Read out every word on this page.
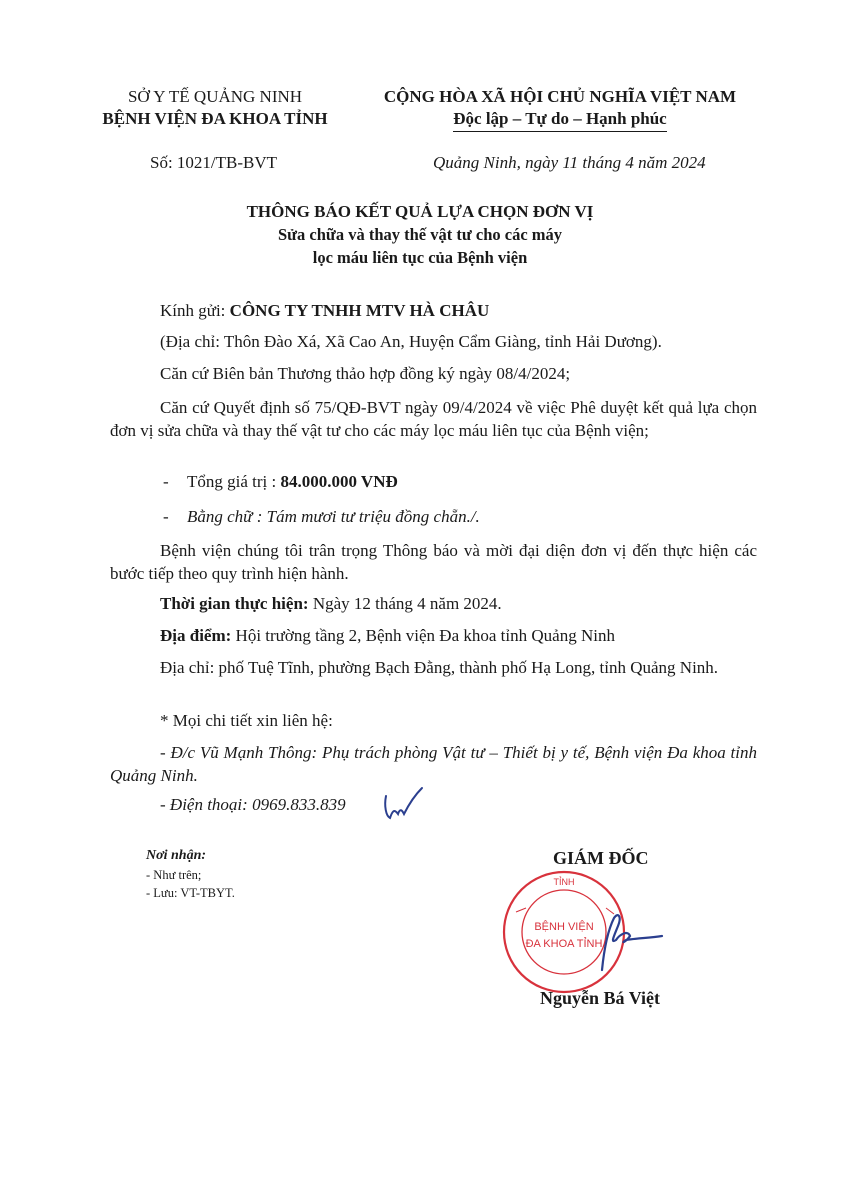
SỞ Y TẾ QUẢNG NINH
BỆNH VIỆN ĐA KHOA TỈNH
CỘNG HÒA XÃ HỘI CHỦ NGHĨA VIỆT NAM
Độc lập – Tự do – Hạnh phúc
Số: 1021/TB-BVT	Quảng Ninh, ngày 11 tháng 4 năm 2024
THÔNG BÁO KẾT QUẢ LỰA CHỌN ĐƠN VỊ
Sửa chữa và thay thế vật tư cho các máy
lọc máu liên tục của Bệnh viện
Kính gửi: CÔNG TY TNHH MTV HÀ CHÂU
(Địa chỉ: Thôn Đào Xá, Xã Cao An, Huyện Cẩm Giàng, tỉnh Hải Dương).
Căn cứ Biên bản Thương thảo hợp đồng ký ngày 08/4/2024;
Căn cứ Quyết định số 75/QĐ-BVT ngày 09/4/2024 về việc Phê duyệt kết quả lựa chọn đơn vị sửa chữa và thay thế vật tư cho các máy lọc máu liên tục của Bệnh viện;
- Tổng giá trị : 84.000.000 VNĐ
- Bằng chữ : Tám mươi tư triệu đồng chẵn./.
Bệnh viện chúng tôi trân trọng Thông báo và mời đại diện đơn vị đến thực hiện các bước tiếp theo quy trình hiện hành.
Thời gian thực hiện: Ngày 12 tháng 4 năm 2024.
Địa điểm: Hội trường tầng 2, Bệnh viện Đa khoa tỉnh Quảng Ninh
Địa chỉ: phố Tuệ Tĩnh, phường Bạch Đằng, thành phố Hạ Long, tỉnh Quảng Ninh.
* Mọi chi tiết xin liên hệ:
- Đ/c Vũ Mạnh Thông: Phụ trách phòng Vật tư – Thiết bị y tế, Bệnh viện Đa khoa tỉnh Quảng Ninh.
- Điện thoại: 0969.833.839
Nơi nhận:
- Như trên;
- Lưu: VT-TBYT.
GIÁM ĐỐC
TỈNH
BỆNH VIỆN
ĐA KHOA TỈNH
Nguyễn Bá Việt
